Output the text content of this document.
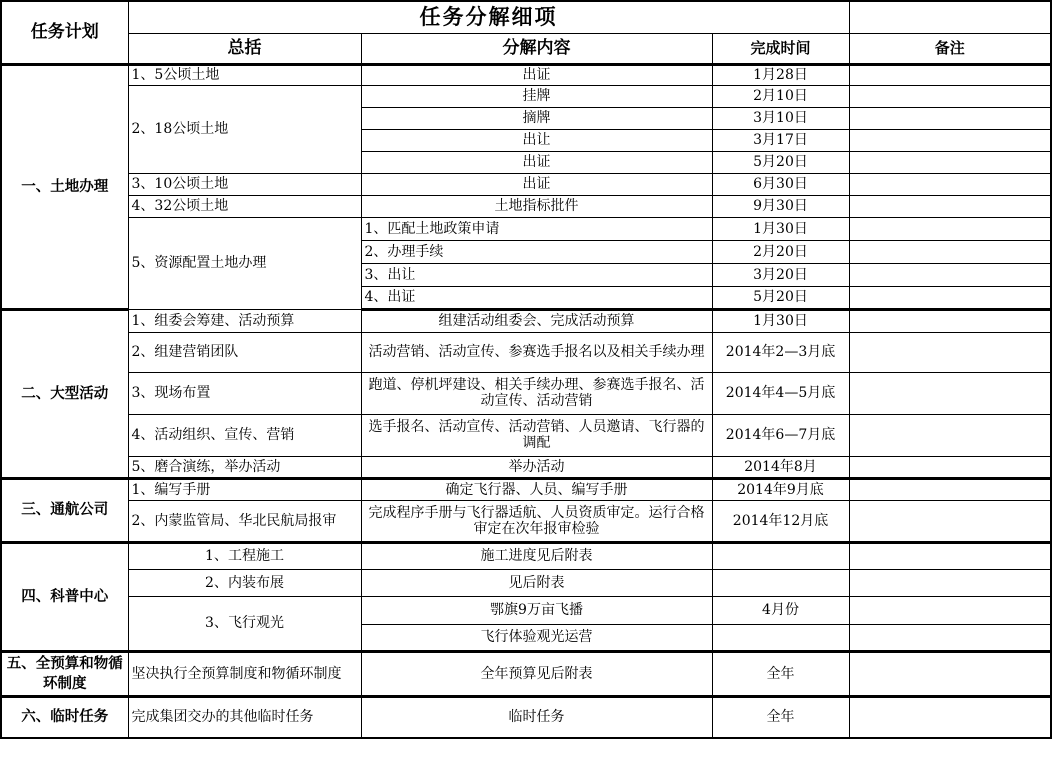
任务计划	任务分解细项			
	总括	分解内容	完成时间	备注
一、土地办理	1、5公顷土地	出证	1月28日	
	2、18公顷土地	挂牌	2月10日	
		摘牌	3月10日	
		出让	3月17日	
		出证	5月20日	
	3、10公顷土地	出证	6月30日	
	4、32公顷土地	土地指标批件	9月30日	
	5、资源配置土地办理	1、匹配土地政策申请	1月30日	
		2、办理手续	2月20日	
		3、出让	3月20日	
		4、出证	5月20日	
二、大型活动	1、组委会筹建、活动预算	组建活动组委会、完成活动预算	1月30日	
	2、组建营销团队	活动营销、活动宣传、参赛选手报名以及相关手续办理	2014年2—3月底	
	3、现场布置	跑道、停机坪建设、相关手续办理、参赛选手报名、活动宣传、活动营销	2014年4—5月底	
	4、活动组织、宣传、营销	选手报名、活动宣传、活动营销、人员邀请、飞行器的调配	2014年6—7月底	
	5、磨合演练，举办活动	举办活动	2014年8月	
三、通航公司	1、编写手册	确定飞行器、人员、编写手册	2014年9月底	
	2、内蒙监管局、华北民航局报审	完成程序手册与飞行器适航、人员资质审定。运行合格审定在次年报审检验	2014年12月底	
四、科普中心	1、工程施工	施工进度见后附表		
	2、内装布展	见后附表		
	3、飞行观光	鄂旗9万亩飞播	4月份	
		飞行体验观光运营		
五、全预算和物循环制度	坚决执行全预算制度和物循环制度	全年预算见后附表	全年	
六、临时任务	完成集团交办的其他临时任务	临时任务	全年	
